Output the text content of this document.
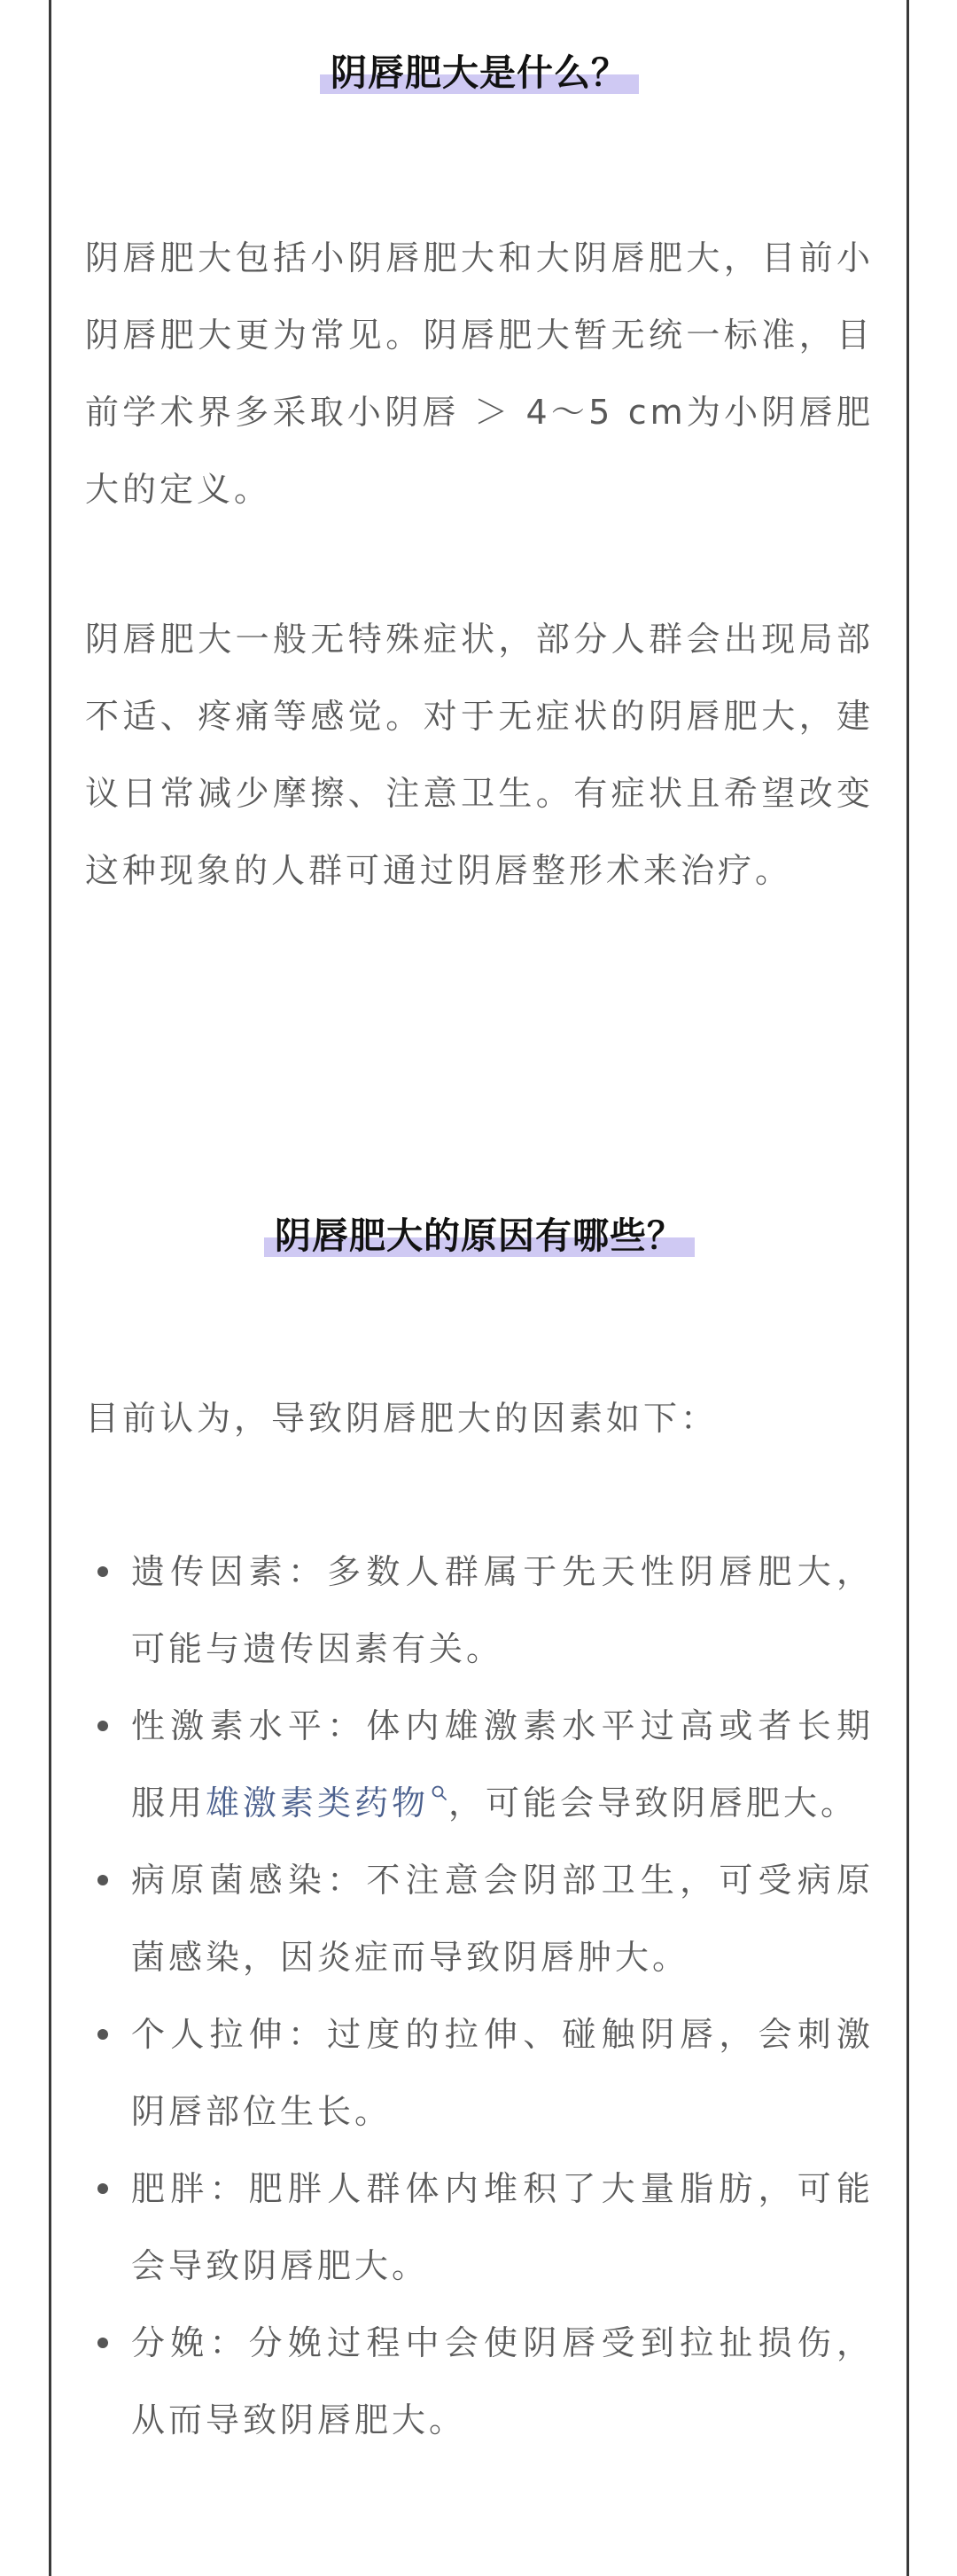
阴唇肥大是什么？

阴唇肥大包括小阴唇肥大和大阴唇肥大，目前小阴唇肥大更为常见。阴唇肥大暂无统一标准，目前学术界多采取小阴唇 ＞ 4～5 cm为小阴唇肥大的定义。

阴唇肥大一般无特殊症状，部分人群会出现局部不适、疼痛等感觉。对于无症状的阴唇肥大，建议日常减少摩擦、注意卫生。有症状且希望改变这种现象的人群可通过阴唇整形术来治疗。

阴唇肥大的原因有哪些？

目前认为，导致阴唇肥大的因素如下：

遗传因素：多数人群属于先天性阴唇肥大，可能与遗传因素有关。
性激素水平：体内雄激素水平过高或者长期服用雄激素类药物 ，可能会导致阴唇肥大。
病原菌感染：不注意会阴部卫生，可受病原菌感染，因炎症而导致阴唇肿大。
个人拉伸：过度的拉伸、碰触阴唇，会刺激阴唇部位生长。
肥胖：肥胖人群体内堆积了大量脂肪，可能会导致阴唇肥大。
分娩：分娩过程中会使阴唇受到拉扯损伤，从而导致阴唇肥大。
